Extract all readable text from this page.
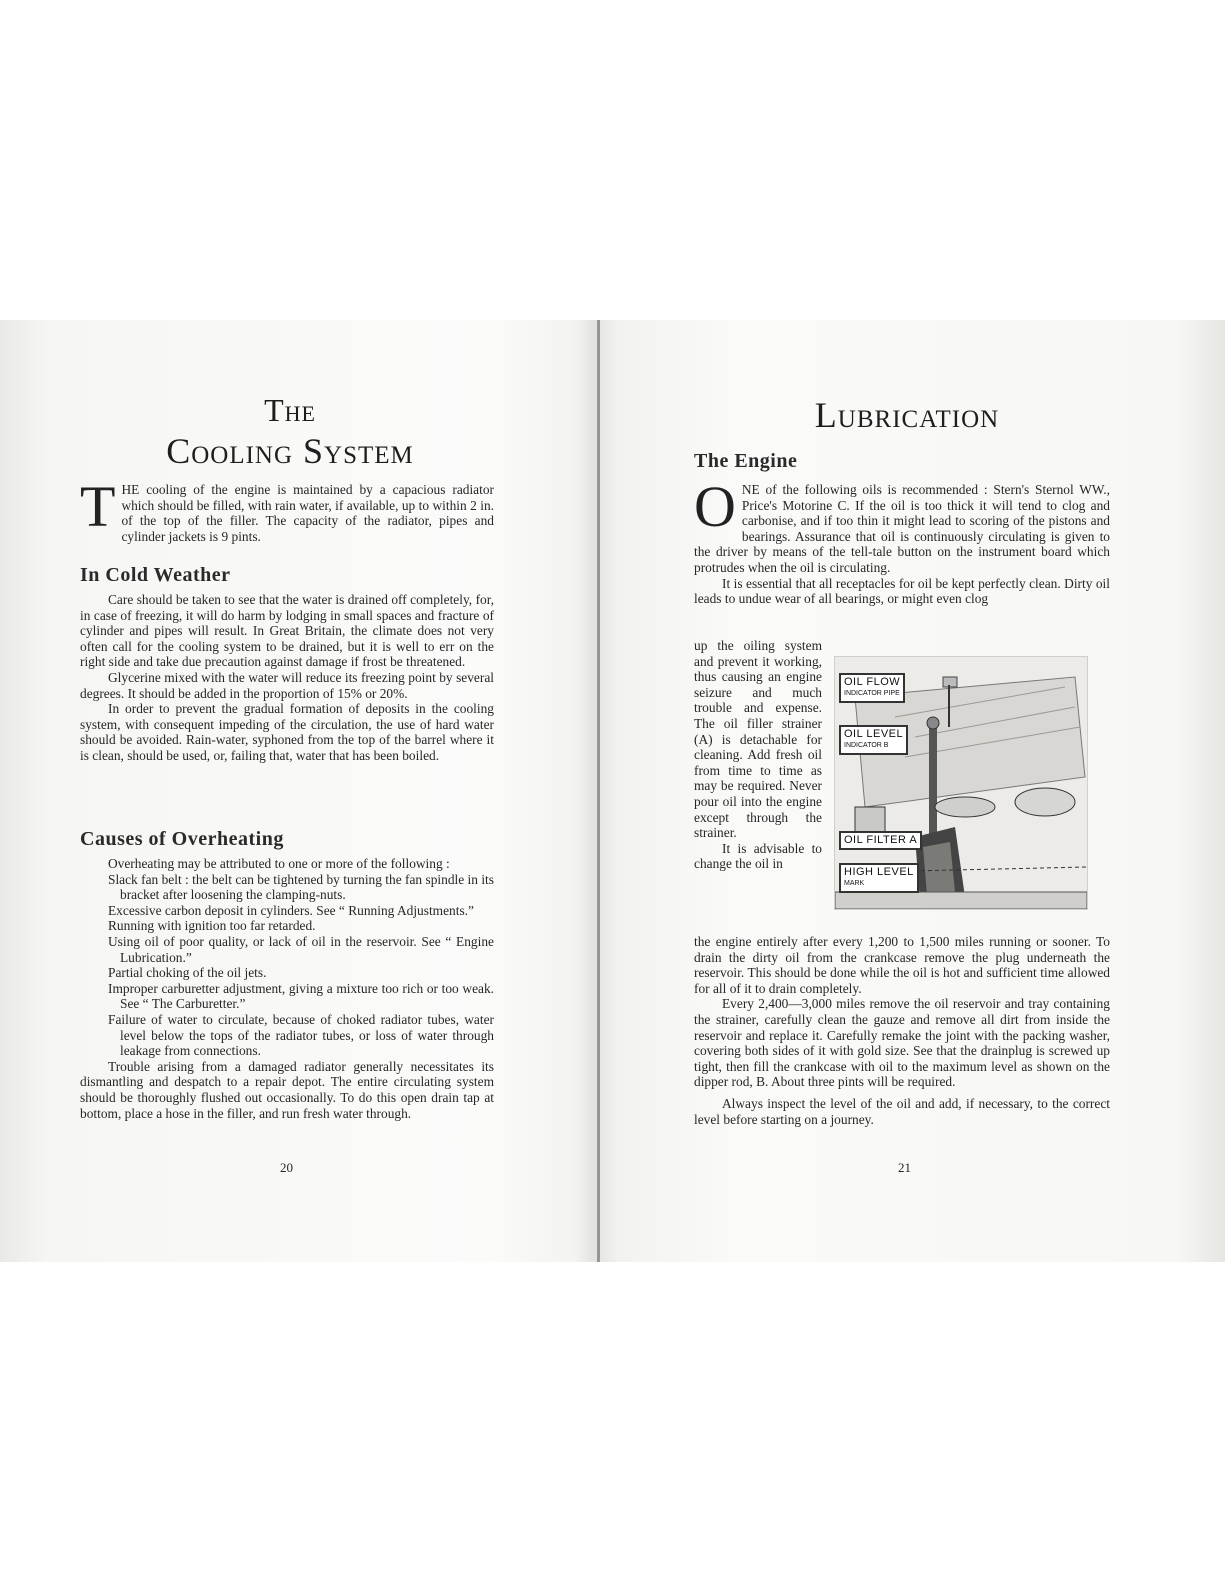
The
Cooling System
T HE cooling of the engine is maintained by a capacious radiator which should be filled, with rain water, if available, up to within 2 in. of the top of the filler. The capacity of the radiator, pipes and cylinder jackets is 9 pints.
In Cold Weather

Care should be taken to see that the water is drained off completely, for, in case of freezing, it will do harm by lodging in small spaces and fracture of cylinder and pipes will result. In Great Britain, the climate does not very often call for the cooling system to be drained, but it is well to err on the right side and take due precaution against damage if frost be threatened.

Glycerine mixed with the water will reduce its freezing point by several degrees. It should be added in the proportion of 15% or 20%.

In order to prevent the gradual formation of deposits in the cooling system, with consequent impeding of the circulation, the use of hard water should be avoided. Rain-water, syphoned from the top of the barrel where it is clean, should be used, or, failing that, water that has been boiled.

Causes of Overheating

Overheating may be attributed to one or more of the following :

Slack fan belt : the belt can be tightened by turning the fan spindle in its bracket after loosening the clamping-nuts.
Excessive carbon deposit in cylinders. See “ Running Adjustments.”
Running with ignition too far retarded.
Using oil of poor quality, or lack of oil in the reservoir. See “ Engine Lubrication.”
Partial choking of the oil jets.
Improper carburetter adjustment, giving a mixture too rich or too weak. See “ The Carburetter.”
Failure of water to circulate, because of choked radiator tubes, water level below the tops of the radiator tubes, or loss of water through leakage from connections.

Trouble arising from a damaged radiator generally necessitates its dismantling and despatch to a repair depot. The entire circulating system should be thoroughly flushed out occasionally. To do this open drain tap at bottom, place a hose in the filler, and run fresh water through.

20
Lubrication
The Engine
O NE of the following oils is recommended : Stern's Sternol WW., Price's Motorine C. If the oil is too thick it will tend to clog and carbonise, and if too thin it might lead to scoring of the pistons and bearings. Assurance that oil is continuously circulating is given to the driver by means of the tell-tale button on the instrument board which protrudes when the oil is circulating.

It is essential that all receptacles for oil be kept perfectly clean. Dirty oil leads to undue wear of all bearings, or might even clog

up the oiling system and prevent it working, thus causing an engine seizure and much trouble and expense. The oil filler strainer (A) is detachable for cleaning. Add fresh oil from time to time as may be required. Never pour oil into the engine except through the strainer.

It is advisable to change the oil in

OIL FLOW
INDICATOR PIPE
OIL LEVEL
INDICATOR B
OIL FILTER A
HIGH LEVEL
MARK

the engine entirely after every 1,200 to 1,500 miles running or sooner. To drain the dirty oil from the crankcase remove the plug underneath the reservoir. This should be done while the oil is hot and sufficient time allowed for all of it to drain completely.

Every 2,400—3,000 miles remove the oil reservoir and tray containing the strainer, carefully clean the gauze and remove all dirt from inside the reservoir and replace it. Carefully remake the joint with the packing washer, covering both sides of it with gold size. See that the drainplug is screwed up tight, then fill the crankcase with oil to the maximum level as shown on the dipper rod, B. About three pints will be required.

Always inspect the level of the oil and add, if necessary, to the correct level before starting on a journey.

21
